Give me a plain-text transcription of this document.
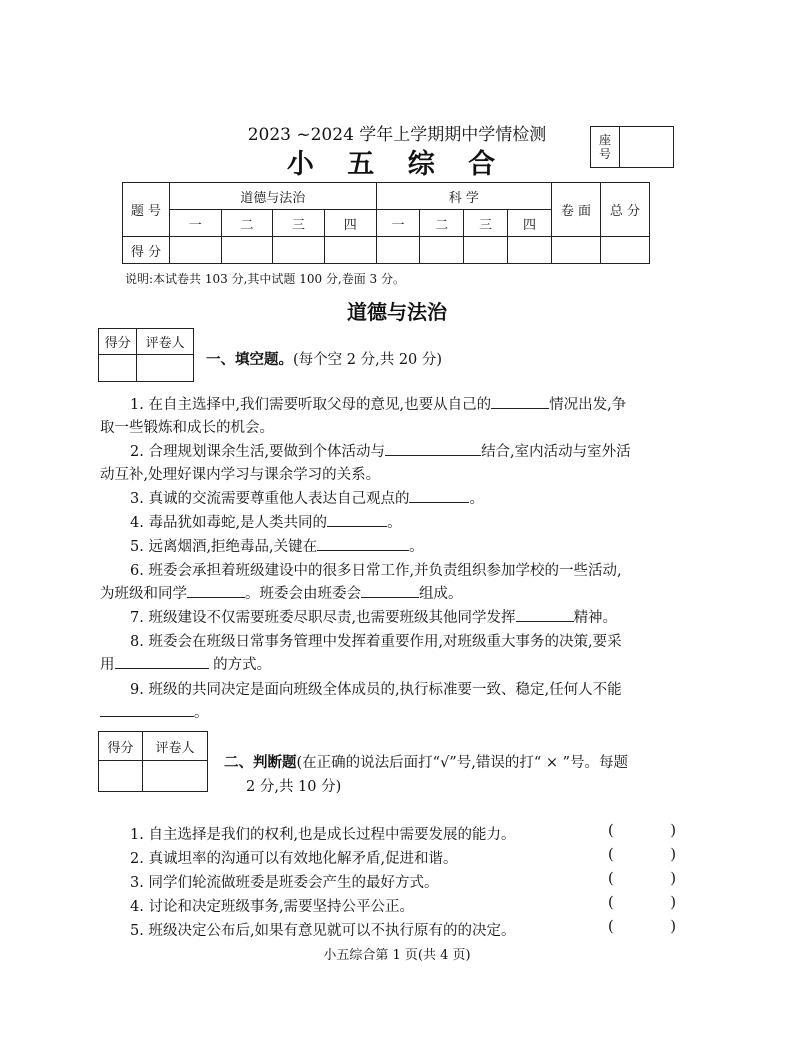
2023 ~2024 学年上学期期中学情检测
小 五 综 合
座
号
题 号	道德与法治				科 学				卷 面	总 分
	一	二	三	四	一	二	三	四		
得 分										
说明:本试卷共 103 分,其中试题 100 分,卷面 3 分。
道德与法治
得分	评卷人

一、填空题。(每个空 2 分,共 20 分)
1. 在自主选择中,我们需要听取父母的意见,也要从自己的	情况出发,争
取一些锻炼和成长的机会。
2. 合理规划课余生活,要做到个体活动与	结合,室内活动与室外活
动互补,处理好课内学习与课余学习的关系。
3. 真诚的交流需要尊重他人表达自己观点的	。
4. 毒品犹如毒蛇,是人类共同的	。
5. 远离烟酒,拒绝毒品,关键在	。
6. 班委会承担着班级建设中的很多日常工作,并负责组织参加学校的一些活动,
为班级和同学	。班委会由班委会	组成。
7. 班级建设不仅需要班委尽职尽责,也需要班级其他同学发挥	精神。
8. 班委会在班级日常事务管理中发挥着重要作用,对班级重大事务的决策,要采
用	的方式。
9. 班级的共同决定是面向班级全体成员的,执行标准要一致、稳定,任何人不能
。
得分	评卷人

二、判断题(在正确的说法后面打“√”号,错误的打“ × ”号。每题
2 分,共 10 分)
1. 自主选择是我们的权利,也是成长过程中需要发展的能力。	(	)
2. 真诚坦率的沟通可以有效地化解矛盾,促进和谐。	(	)
3. 同学们轮流做班委是班委会产生的最好方式。	(	)
4. 讨论和决定班级事务,需要坚持公平公正。	(	)
5. 班级决定公布后,如果有意见就可以不执行原有的的决定。	(	)
小五综合第 1 页(共 4 页)
